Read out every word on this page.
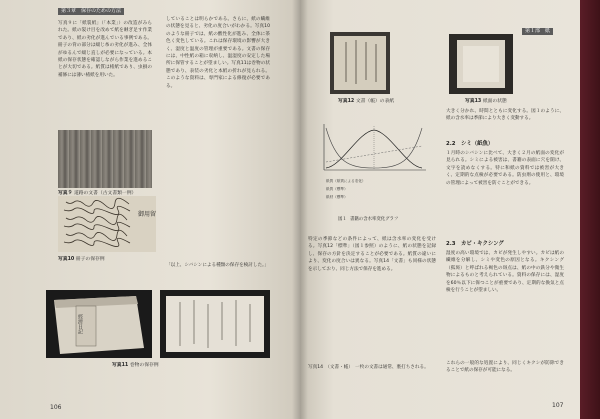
第３章　保存のための方法
写真９に「紙裂紙」（「本業」）の改造がみられた。紙の裂け目を改めて紙を継ぎ足す作業であり、紙の劣化が進んでいる事例である。冊子の背の部分は綴じ糸の劣化が進み、全体がゆるんで綴じ直しが必要になっている。本紙の保存状態を確認しながら作業を進めることが大切である。紙質は楮紙であり、虫損の補修には薄い楮紙を用いた。
していることは明らかである。さらに、紙の繊維の状態を見ると、劣化の度合いがわかる。写真10のような冊子では、紙の酸性化が進み、全体に茶色く変色している。これは保存環境の影響が大きく、湿度と温度の管理が重要である。文書の保存には、中性紙の箱に収納し、温湿度の安定した場所に保管することが望ましい。写真11は巻物の状態であり、表装の劣化と本紙の折れが見られる。このような資料は、専門家による修復が必要である。
「以上、シバシンによる種類の保存を検討した。」
写真９ 道路の文書（古文書類一例）
御用留
写真10 冊子の保存例
經濟日記
写真11 巻物の保存例
106
第１部　紙
写真12 文書（帳）の表紙	写真13 紙面の状態
大きく分かれ、時間とともに変化する。図１のように、紙の含水率は季節により大きく変動する。
紙質（紙質による変化）
紙質（標準）
紙材（標準）
図１ 書籍の含水率変化グラフ
2.2　シミ（紙魚）
１月時のシバシンに比べて、大きく２月の紙面の変化が見られる。シミによる被害は、書籍の表面に穴を開け、文字を読めなくする。特に和紙の資料では被害が大きく、定期的な点検が必要である。防虫剤の使用と、環境の管理によって被害を防ぐことができる。
2.3　カビ・キクシング
湿度の高い環境では、カビが発生しやすい。カビは紙の繊維を分解し、シミや変色の原因となる。キクシング（狐斑）と呼ばれる褐色の斑点は、紙の中の鉄分や微生物によるものと考えられている。資料の保存には、湿度を60％以下に保つことが重要であり、定期的な換気と点検を行うことが望ましい。
これらの一般的な処置により、同じくキクシが防除できることで紙の保存が可能になる。
特定の季節などの条件によって、紙は含水率の変化を受ける。写真12「標準」（図１参照）のように、紙の状態を記録し、保存の方針を決定することが必要である。紙質の違いにより、変化の度合いは異なる。写真14「文書」も同様の状態を示しており、同じ方法で保存を進める。
写真14　（文書・帳）　一枚の文書は通常、裏打ちされる。
107
